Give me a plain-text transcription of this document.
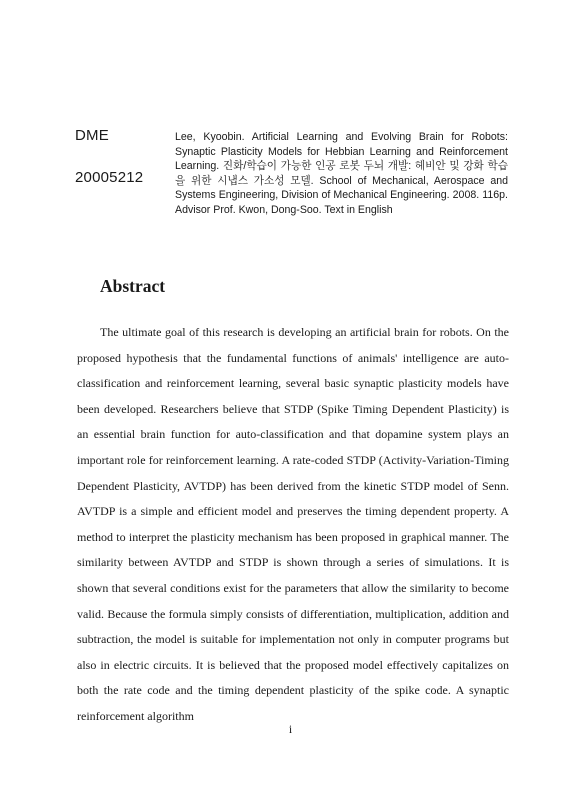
DME
20005212
Lee, Kyoobin. Artificial Learning and Evolving Brain for Robots: Synaptic Plasticity Models for Hebbian Learning and Reinforcement Learning. 진화/학습이 가능한 인공 로봇 두뇌 개발: 헤비안 및 강화 학습을 위한 시냅스 가소성 모델. School of Mechanical, Aerospace and Systems Engineering, Division of Mechanical Engineering. 2008. 116p. Advisor Prof. Kwon, Dong-Soo. Text in English
Abstract

The ultimate goal of this research is developing an artificial brain for robots. On the proposed hypothesis that the fundamental functions of animals' intelligence are auto-classification and reinforcement learning, several basic synaptic plasticity models have been developed. Researchers believe that STDP (Spike Timing Dependent Plasticity) is an essential brain function for auto-classification and that dopamine system plays an important role for reinforcement learning. A rate-coded STDP (Activity-Variation-Timing Dependent Plasticity, AVTDP) has been derived from the kinetic STDP model of Senn. AVTDP is a simple and efficient model and preserves the timing dependent property. A method to interpret the plasticity mechanism has been proposed in graphical manner. The similarity between AVTDP and STDP is shown through a series of simulations. It is shown that several conditions exist for the parameters that allow the similarity to become valid. Because the formula simply consists of differentiation, multiplication, addition and subtraction, the model is suitable for implementation not only in computer programs but also in electric circuits. It is believed that the proposed model effectively capitalizes on both the rate code and the timing dependent plasticity of the spike code. A synaptic reinforcement algorithm

i
